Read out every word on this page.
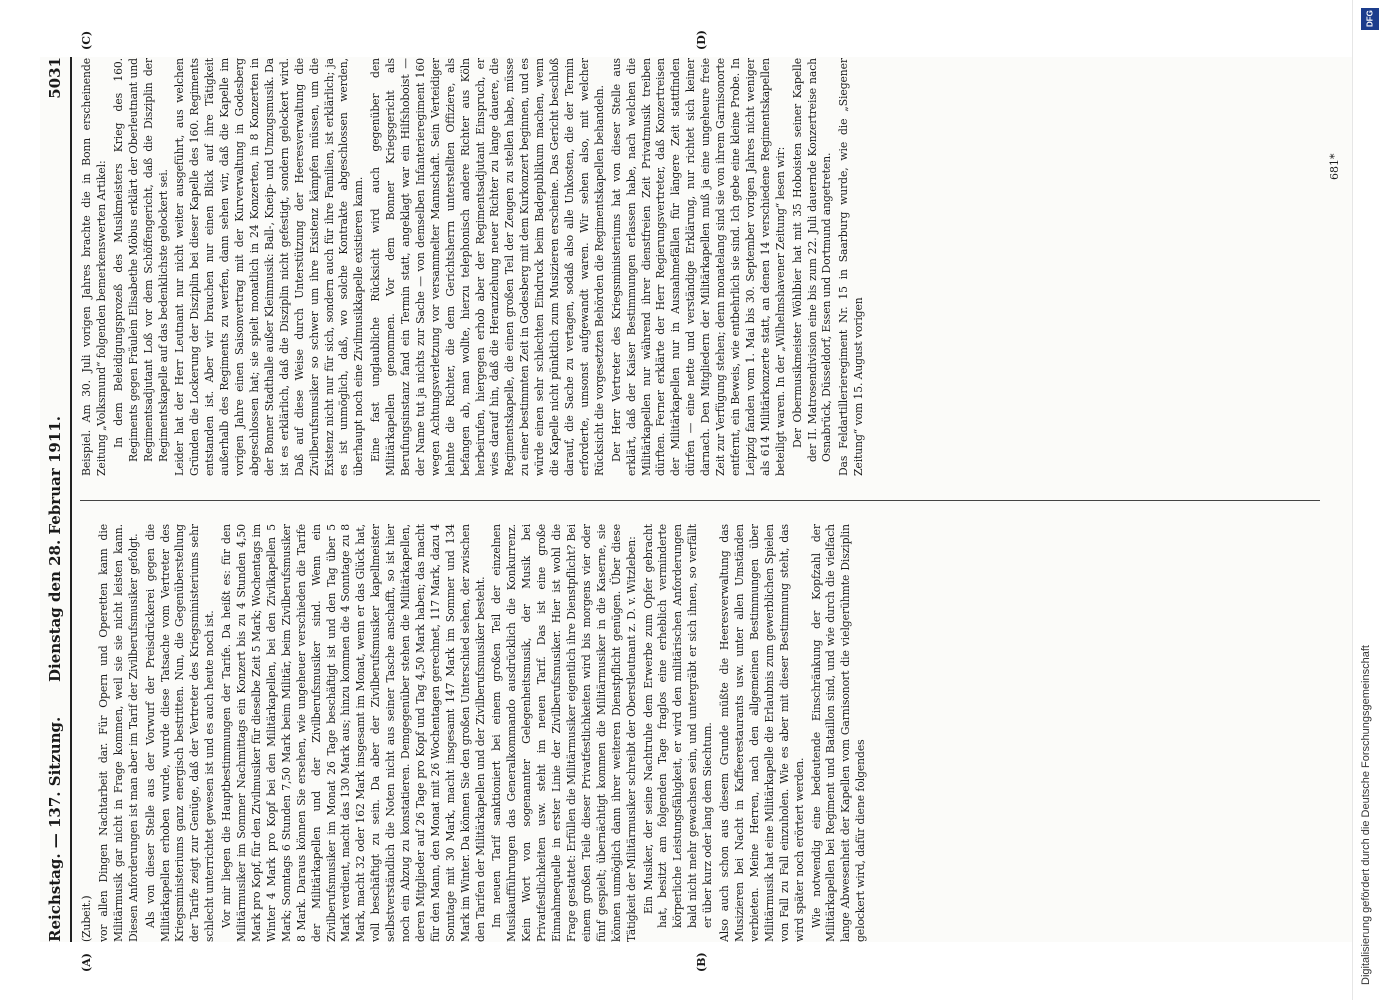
Reichstag. — 137. Sitzung.
Dienstag den 28. Februar 1911.
5031
(A)	(B)
(C)	(D)

(Zubeit.) vor allen Dingen Nachtarbeit dar. Für Opern und Operetten kann die Militärmusik gar nicht in Frage kommen, weil sie sie nicht leisten kann. Diesen Anforderungen ist man aber im Tarif der Zivilberufsmusiker gefolgt. Als von dieser Stelle aus der Vorwurf der Preisdrückerei gegen die Militärkapellen erhoben wurde, wurde diese Tatsache vom Vertreter des Kriegsministeriums ganz energisch bestritten. Nun, die Gegenüberstellung der Tarife zeigt zur Genüge, daß der Vertreter des Kriegsministeriums sehr schlecht unterrichtet gewesen ist und es auch heute noch ist. Vor mir liegen die Hauptbestimmungen der Tarife. Da heißt es: für den Militärmusiker im Sommer Nachmittags ein Konzert bis zu 4 Stunden 4,50 Mark pro Kopf, für den Zivilmusiker für dieselbe Zeit 5 Mark; Wochentags im Winter 4 Mark pro Kopf bei den Militärkapellen, bei den Zivilkapellen 5 Mark; Sonntags 6 Stunden 7,50 Mark beim Militär, beim Zivilberufsmusiker 8 Mark. Daraus können Sie ersehen, wie ungeheuer verschieden die Tarife der Militärkapellen und der Zivilberufsmusiker sind. Wenn ein Zivilberufsmusiker im Monat 26 Tage beschäftigt ist und den Tag über 5 Mark verdient, macht das 130 Mark aus; hinzu kommen die 4 Sonntage zu 8 Mark, macht 32 oder 162 Mark insgesamt im Monat, wenn er das Glück hat, voll beschäftigt zu sein. Da aber der Zivilberufsmusiker kapellmeister selbstverständlich die Noten nicht aus seiner Tasche anschafft, so ist hier noch ein Abzug zu konstatieren. Demgegenüber stehen die Militärkapellen, deren Mitglieder auf 26 Tage pro Kopf und Tag 4,50 Mark haben; das macht für den Mann, den Monat mit 26 Wochentagen gerechnet, 117 Mark, dazu 4 Sonntage mit 30 Mark, macht insgesamt 147 Mark im Sommer und 134 Mark im Winter. Da können Sie den großen Unterschied sehen, der zwischen den Tarifen der Militärkapellen und der Zivilberufsmusiker besteht. Im neuen Tarif sanktioniert bei einem großen Teil der einzelnen Musikaufführungen das Generalkommando ausdrücklich die Konkurrenz. Kein Wort von sogenannter Gelegenheitsmusik, der Musik bei Privatfestlichkeiten usw. steht im neuen Tarif. Das ist eine große Einnahmequelle in erster Linie der Zivilberufsmusiker. Hier ist wohl die Frage gestattet: Erfüllen die Militärmusiker eigentlich ihre Dienstpflicht? Bei einem großen Teile dieser Privatfestlichkeiten wird bis morgens vier oder fünf gespielt; übernächtigt kommen die Militärmusiker in die Kaserne, sie können unmöglich dann ihrer weiteren Dienstpflicht genügen. Über diese Tätigkeit der Militärmusiker schreibt der Oberstleutnant z. D. v. Witzleben: Ein Musiker, der seine Nachtruhe dem Erwerbe zum Opfer gebracht hat, besitzt am folgenden Tage fraglos eine erheblich verminderte körperliche Leistungsfähigkeit, er wird den militärischen Anforderungen bald nicht mehr gewachsen sein, und untergräbt er sich ihnen, so verfällt er über kurz oder lang dem Siechtum. Also auch schon aus diesem Grunde müßte die Heeresverwaltung das Musizieren bei Nacht in Kaffeerestaurants usw. unter allen Umständen verbieten. Meine Herren, nach den allgemeinen Bestimmungen über Militärmusik hat eine Militärkapelle die Erlaubnis zum gewerblichen Spielen von Fall zu Fall einzuholen. Wie es aber mit dieser Bestimmung steht, das wird später noch erörtert werden. Wie notwendig eine bedeutende Einschränkung der Kopfzahl der Militärkapellen bei Regiment und Bataillon sind, und wie durch die vielfach lange Abwesenheit der Kapellen vom Garnisonort die vielgerühmte Disziplin gelockert wird, dafür diene folgendes

Beispiel. Am 30. Juli vorigen Jahres brachte die in Bonn erscheinende Zeitung „Volksmund“ folgenden bemerkenswerten Artikel: In dem Beleidigungsprozeß des Musikmeisters Krieg des 160. Regiments gegen Fräulein Elisabethe Möbus erklärt der Oberleutnant und Regimentsadjutant Loß vor dem Schöffengericht, daß die Disziplin der Regimentskapelle auf das bedenklichste gelockert sei. Leider hat der Herr Leutnant nur nicht weiter ausgeführt, aus welchen Gründen die Lockerung der Disziplin bei dieser Kapelle des 160. Regiments entstanden ist. Aber wir brauchen nur einen Blick auf ihre Tätigkeit außerhalb des Regiments zu werfen, dann sehen wir, daß die Kapelle im vorigen Jahre einen Saisonvertrag mit der Kurverwaltung in Godesberg abgeschlossen hat; sie spielt monatlich in 24 Konzerten, in 8 Konzerten in der Bonner Stadthalle außer Kleinmusik: Ball-, Kneip- und Umzugsmusik. Da ist es erklärlich, daß die Disziplin nicht gefestigt, sondern gelockert wird. Daß auf diese Weise durch Unterstützung der Heeresverwaltung die Zivilberufsmusiker so schwer um ihre Existenz kämpfen müssen, um die Existenz nicht nur für sich, sondern auch für ihre Familien, ist erklärlich; ja es ist unmöglich, daß, wo solche Kontrakte abgeschlossen werden, überhaupt noch eine Zivilmusikkapelle existieren kann. Eine fast unglaubliche Rücksicht wird auch gegenüber den Militärkapellen genommen. Vor dem Bonner Kriegsgericht als Berufungsinstanz fand ein Termin statt, angeklagt war ein Hilfshoboist — der Name tut ja nichts zur Sache — von demselben Infanterieregiment 160 wegen Achtungsverletzung vor versammelter Mannschaft. Sein Verteidiger lehnte die Richter, die dem Gerichtsherrn unterstellten Offiziere, als befangen ab, man wollte, hierzu telephonisch andere Richter aus Köln herbeirufen, hiergegen erhob aber der Regimentsadjutant Einspruch, er wies darauf hin, daß die Heranziehung neuer Richter zu lange dauere, die Regimentskapelle, die einen großen Teil der Zeugen zu stellen habe, müsse zu einer bestimmten Zeit in Godesberg mit dem Kurkonzert beginnen, und es würde einen sehr schlechten Eindruck beim Badepublikum machen, wenn die Kapelle nicht pünktlich zum Musizieren erscheine. Das Gericht beschloß darauf, die Sache zu vertagen, sodaß also alle Unkosten, die der Termin erforderte, umsonst aufgewandt waren. Wir sehen also, mit welcher Rücksicht die vorgesetzten Behörden die Regimentskapellen behandeln. Der Herr Vertreter des Kriegsministeriums hat von dieser Stelle aus erklärt, daß der Kaiser Bestimmungen erlassen habe, nach welchen die Militärkapellen nur während ihrer dienstfreien Zeit Privatmusik treiben dürften. Ferner erklärte der Herr Regierungsvertreter, daß Konzertreisen der Militärkapellen nur in Ausnahmefällen für längere Zeit stattfinden dürfen — eine nette und verständige Erklärung, nur richtet sich keiner darnach. Den Mitgliedern der Militärkapellen muß ja eine ungeheure freie Zeit zur Verfügung stehen; denn monatelang sind sie von ihrem Garnisonorte entfernt, ein Beweis, wie entbehrlich sie sind. Ich gebe eine kleine Probe. In Leipzig fanden vom 1. Mai bis 30. September vorigen Jahres nicht weniger als 614 Militärkonzerte statt, an denen 14 verschiedene Regimentskapellen beteiligt waren. In der „Wilhelmshavener Zeitung“ lesen wir: Der Obermusikmeister Wöhlbier hat mit 35 Hoboisten seiner Kapelle der II. Matrosendivision eine bis zum 22. Juli dauernde Konzertreise nach Osnabrück, Düsseldorf, Essen und Dortmund angetreten. Das Feldartillerieregiment Nr. 15 in Saarburg wurde, wie die „Siegener Zeitung“ vom 15. August vorigen

681*
Digitalisierung gefördert durch die Deutsche Forschungsgemeinschaft
DFG
